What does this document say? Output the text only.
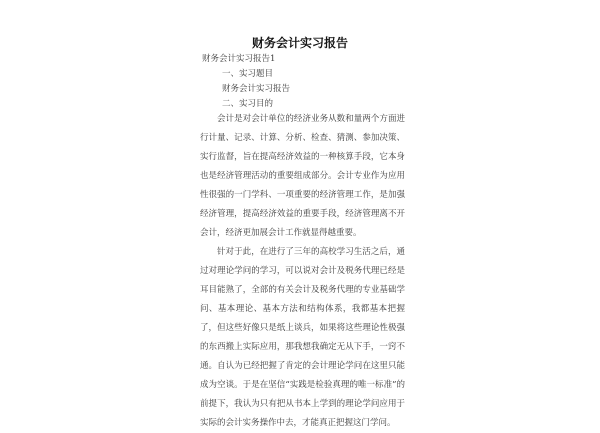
财务会计实习报告

财务会计实习报告1

一、实习题目

财务会计实习报告

二、实习目的

会计是对会计单位的经济业务从数和量两个方面进行计量、记录、计算、分析、检查、猜测、参加决策、实行监督，旨在提高经济效益的一种核算手段，它本身也是经济管理活动的重要组成部分。会计专业作为应用性很强的一门学科、一项重要的经济管理工作，是加强经济管理，提高经济效益的重要手段，经济管理离不开会计，经济更加展会计工作就显得越重要。

针对于此，在进行了三年的高校学习生活之后，通过对理论学问的学习，可以说对会计及税务代理已经是耳目能熟了，全部的有关会计及税务代理的专业基础学问、基本理论、基本方法和结构体系，我都基本把握了，但这些好像只是纸上谈兵，如果将这些理论性极强的东西搬上实际应用，那我想我确定无从下手，一窍不通。自认为已经把握了肯定的会计理论学问在这里只能成为空谈。于是在坚信“实践是检验真理的唯一标准”的前提下，我认为只有把从书本上学到的理论学问应用于实际的会计实务操作中去，才能真正把握这门学问。
